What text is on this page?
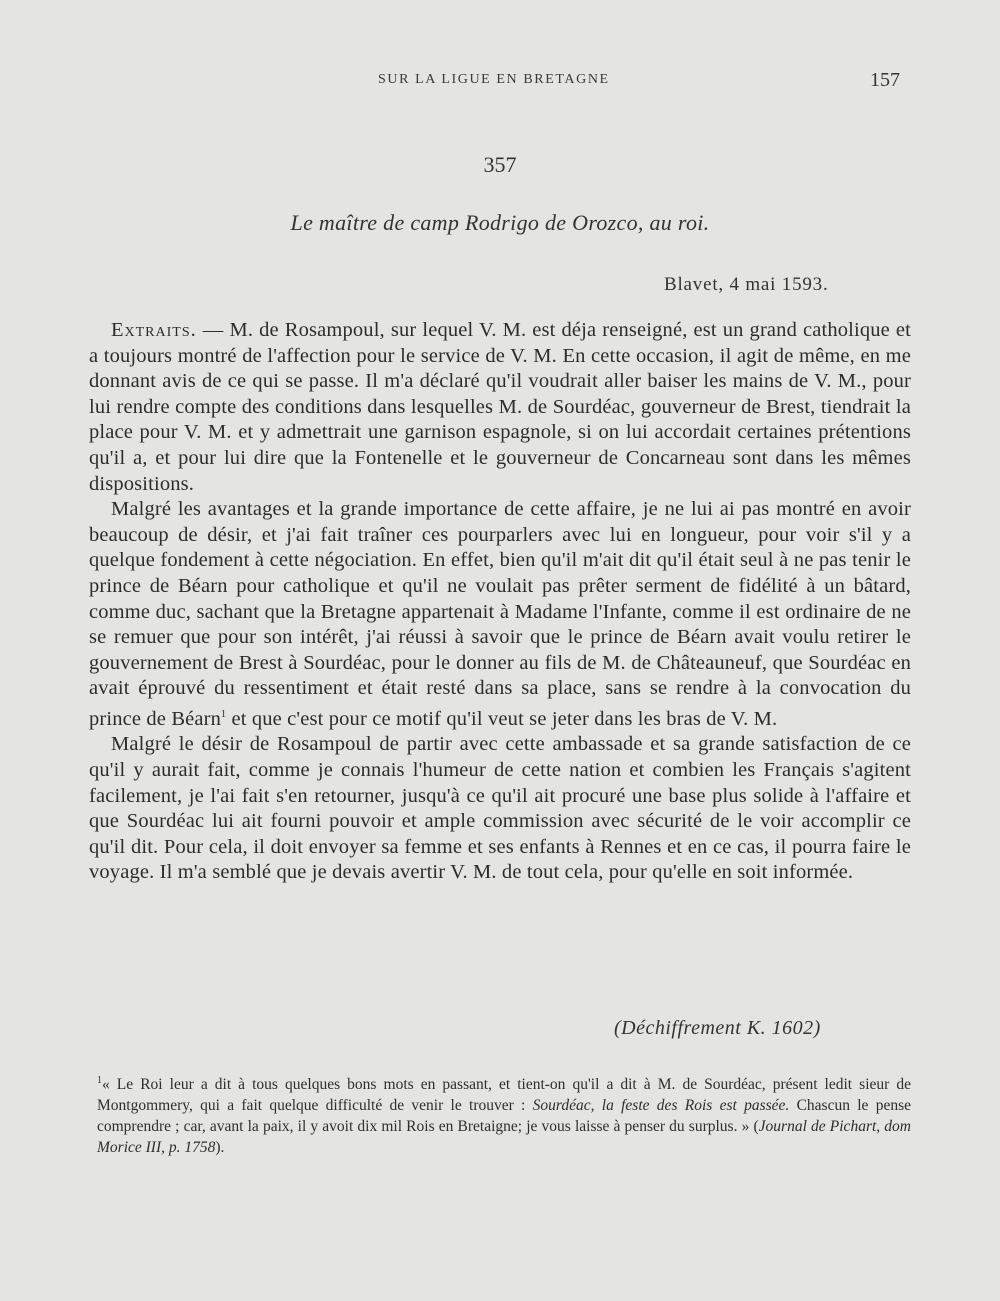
SUR LA LIGUE EN BRETAGNE	157
357
Le maître de camp Rodrigo de Orozco, au roi.
Blavet, 4 mai 1593.

Extraits. — M. de Rosampoul, sur lequel V. M. est déja renseigné, est un grand catholique et a toujours montré de l'affection pour le service de V. M. En cette occasion, il agit de même, en me donnant avis de ce qui se passe. Il m'a déclaré qu'il voudrait aller baiser les mains de V. M., pour lui rendre compte des conditions dans lesquelles M. de Sourdéac, gouverneur de Brest, tiendrait la place pour V. M. et y admettrait une garnison espagnole, si on lui accordait certaines prétentions qu'il a, et pour lui dire que la Fontenelle et le gouverneur de Concarneau sont dans les mêmes dispositions.

Malgré les avantages et la grande importance de cette affaire, je ne lui ai pas montré en avoir beaucoup de désir, et j'ai fait traîner ces pourparlers avec lui en longueur, pour voir s'il y a quelque fondement à cette négociation. En effet, bien qu'il m'ait dit qu'il était seul à ne pas tenir le prince de Béarn pour catholique et qu'il ne voulait pas prêter serment de fidélité à un bâtard, comme duc, sachant que la Bretagne appartenait à Madame l'Infante, comme il est ordinaire de ne se remuer que pour son intérêt, j'ai réussi à savoir que le prince de Béarn avait voulu retirer le gouvernement de Brest à Sourdéac, pour le donner au fils de M. de Châteauneuf, que Sourdéac en avait éprouvé du ressentiment et était resté dans sa place, sans se rendre à la convocation du prince de Béarn$^1$ et que c'est pour ce motif qu'il veut se jeter dans les bras de V. M.

Malgré le désir de Rosampoul de partir avec cette ambassade et sa grande satisfaction de ce qu'il y aurait fait, comme je connais l'humeur de cette nation et combien les Français s'agitent facilement, je l'ai fait s'en retourner, jusqu'à ce qu'il ait procuré une base plus solide à l'affaire et que Sourdéac lui ait fourni pouvoir et ample commission avec sécurité de le voir accomplir ce qu'il dit. Pour cela, il doit envoyer sa femme et ses enfants à Rennes et en ce cas, il pourra faire le voyage. Il m'a semblé que je devais avertir V. M. de tout cela, pour qu'elle en soit informée.

(Déchiffrement K. 1602)

$^1$« Le Roi leur a dit à tous quelques bons mots en passant, et tient-on qu'il a dit à M. de Sourdéac, présent ledit sieur de Montgommery, qui a fait quelque difficulté de venir le trouver : Sourdéac, la feste des Rois est passée. Chascun le pense comprendre ; car, avant la paix, il y avoit dix mil Rois en Bretaigne; je vous laisse à penser du surplus. » (Journal de Pichart, dom Morice III, p. 1758).
